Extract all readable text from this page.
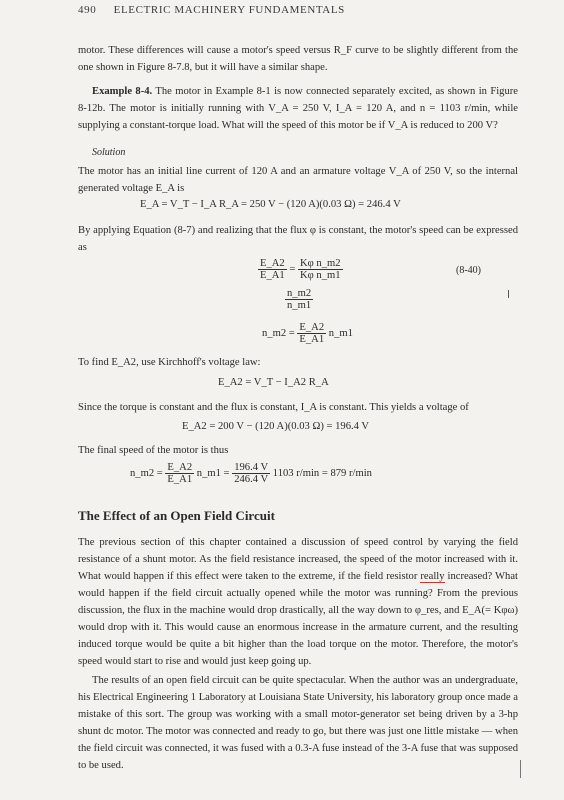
490 ELECTRIC MACHINERY FUNDAMENTALS
motor. These differences will cause a motor's speed versus R_F curve to be slightly different from the one shown in Figure 8-7.8, but it will have a similar shape.
Example 8-4. The motor in Example 8-1 is now connected separately excited, as shown in Figure 8-12b. The motor is initially running with V_A = 250 V, I_A = 120 A, and n = 1103 r/min, while supplying a constant-torque load. What will the speed of this motor be if V_A is reduced to 200 V?
Solution
The motor has an initial line current of 120 A and an armature voltage V_A of 250 V, so the internal generated voltage E_A is
E_A = V_T − I_A R_A = 250 V − (120 A)(0.03 Ω) = 246.4 V
By applying Equation (8-7) and realizing that the flux φ is constant, the motor's speed can be expressed as
$\frac{E\_A2}{E\_A1} = \frac{\text{Kφ n\_m2}}{\text{Kφ n\_m1}}$	(8-40)
$\frac{n\_m2}{n\_m1}$
n_m2 = $\frac{E\_A2}{E\_A1}$ n_m1
To find E_A2, use Kirchhoff's voltage law:
E_A2 = V_T − I_A2 R_A
Since the torque is constant and the flux is constant, I_A is constant. This yields a voltage of
E_A2 = 200 V − (120 A)(0.03 Ω) = 196.4 V
The final speed of the motor is thus
n_m2 = $\frac{E\_A2}{E\_A1}$ n_m1 = $\frac{196.4 V}{246.4 V} 1103$ r/min = 879 r/min
The Effect of an Open Field Circuit
The previous section of this chapter contained a discussion of speed control by varying the field resistance of a shunt motor. As the field resistance increased, the speed of the motor increased with it. What would happen if this effect were taken to the extreme, if the field resistor really increased? What would happen if the field circuit actually opened while the motor was running? From the previous discussion, the flux in the machine would drop drastically, all the way down to φ_res, and E_A(= Kφω) would drop with it. This would cause an enormous increase in the armature current, and the resulting induced torque would be quite a bit higher than the load torque on the motor. Therefore, the motor's speed would start to rise and would just keep going up.
The results of an open field circuit can be quite spectacular. When the author was an undergraduate, his Electrical Engineering 1 Laboratory at Louisiana State University, his laboratory group once made a mistake of this sort. The group was working with a small motor-generator set being driven by a 3-hp shunt dc motor. The motor was connected and ready to go, but there was just one little mistake — when the field circuit was connected, it was fused with a 0.3-A fuse instead of the 3-A fuse that was supposed to be used.
